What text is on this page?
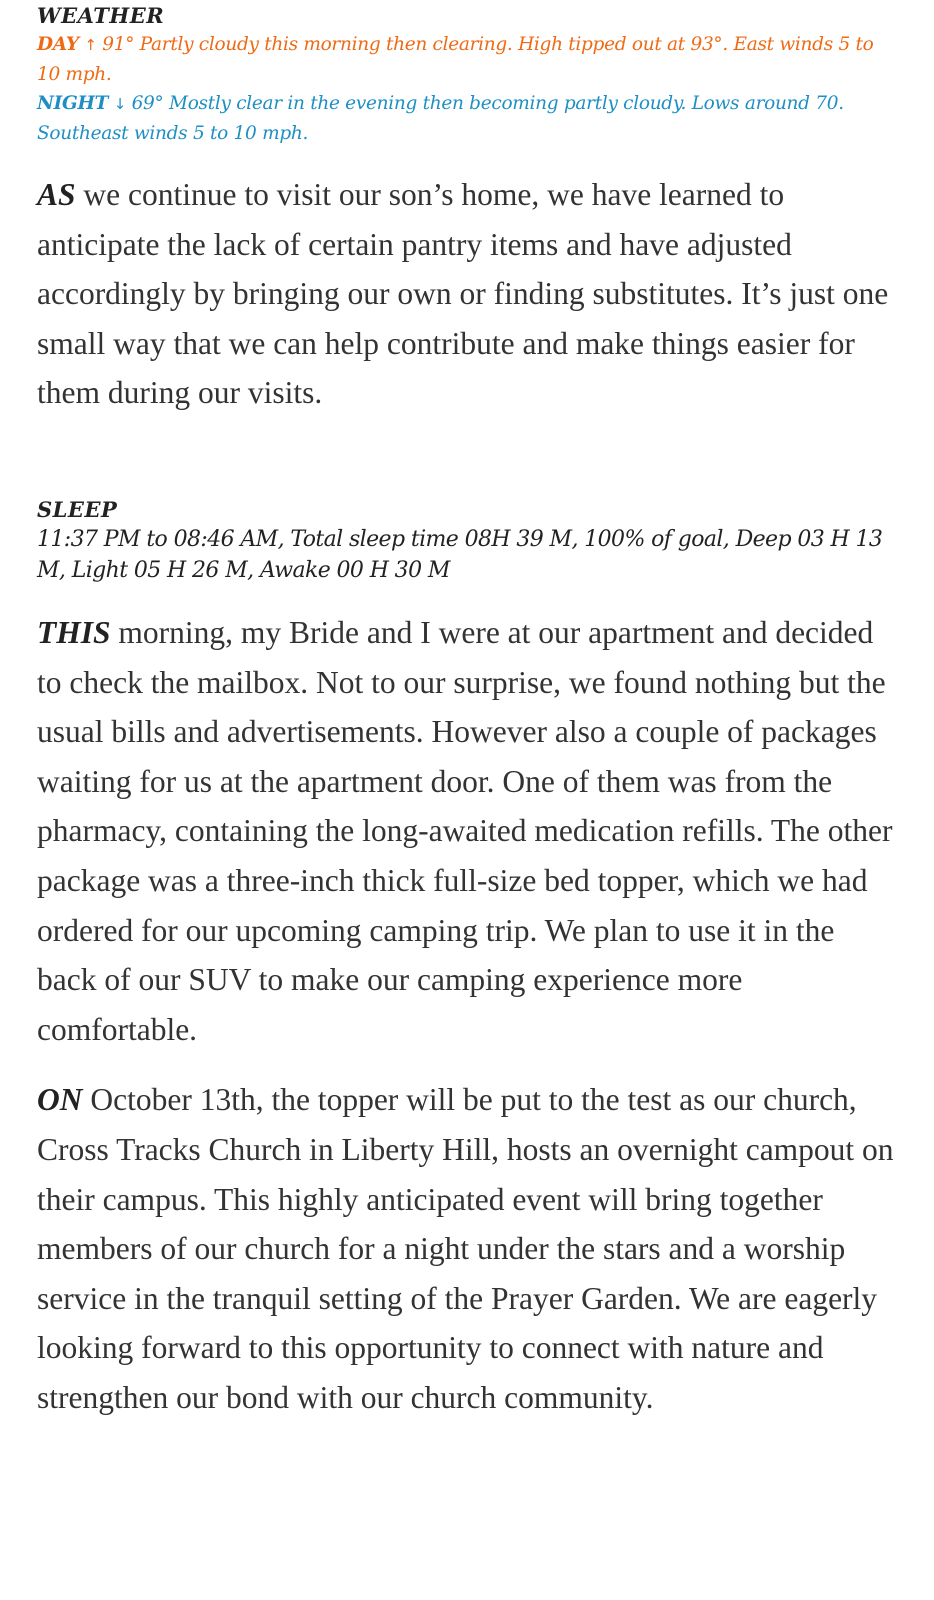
WEATHER
DAY ↑ 91° Partly cloudy this morning then clearing. High tipped out at 93°. East winds 5 to 10 mph.
NIGHT ↓ 69° Mostly clear in the evening then becoming partly cloudy. Lows around 70. Southeast winds 5 to 10 mph.

AS we continue to visit our son’s home, we have learned to anticipate the lack of certain pantry items and have adjusted accordingly by bringing our own or finding substitutes. It’s just one small way that we can help contribute and make things easier for them during our visits.

SLEEP
11:37 PM to 08:46 AM, Total sleep time 08H 39 M, 100% of goal, Deep 03 H 13 M, Light 05 H 26 M, Awake 00 H 30 M

THIS morning, my Bride and I were at our apartment and decided to check the mailbox. Not to our surprise, we found nothing but the usual bills and advertisements. However also a couple of packages waiting for us at the apartment door. One of them was from the pharmacy, containing the long-awaited medication refills. The other package was a three-inch thick full-size bed topper, which we had ordered for our upcoming camping trip. We plan to use it in the back of our SUV to make our camping experience more comfortable.

ON October 13th, the topper will be put to the test as our church, Cross Tracks Church in Liberty Hill, hosts an overnight campout on their campus. This highly anticipated event will bring together members of our church for a night under the stars and a worship service in the tranquil setting of the Prayer Garden. We are eagerly looking forward to this opportunity to connect with nature and strengthen our bond with our church community.
